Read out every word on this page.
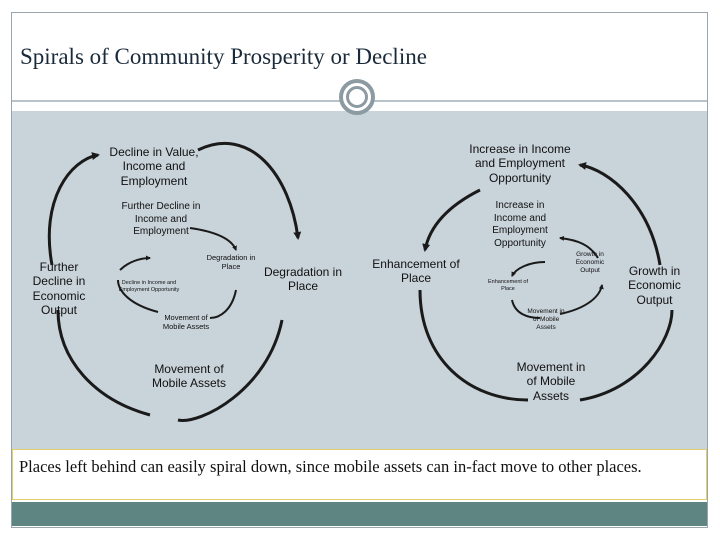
Spirals of Community Prosperity or Decline
Decline in Value, Income and Employment
Further Decline in Economic Output
Movement of Mobile Assets
Degradation in Place
Further Decline in Income and Employment
Degradation in Place
Decline in Income and Employment Opportunity
Movement of Mobile Assets
Increase in Income and Employment Opportunity
Growth in Economic Output
Movement in of Mobile Assets
Enhancement of Place
Increase in Income and Employment Opportunity
Growth in Economic Output
Enhancement of Place
Movement in of Mobile Assets
Places left behind can easily spiral down, since mobile assets can in-fact move to other places.
